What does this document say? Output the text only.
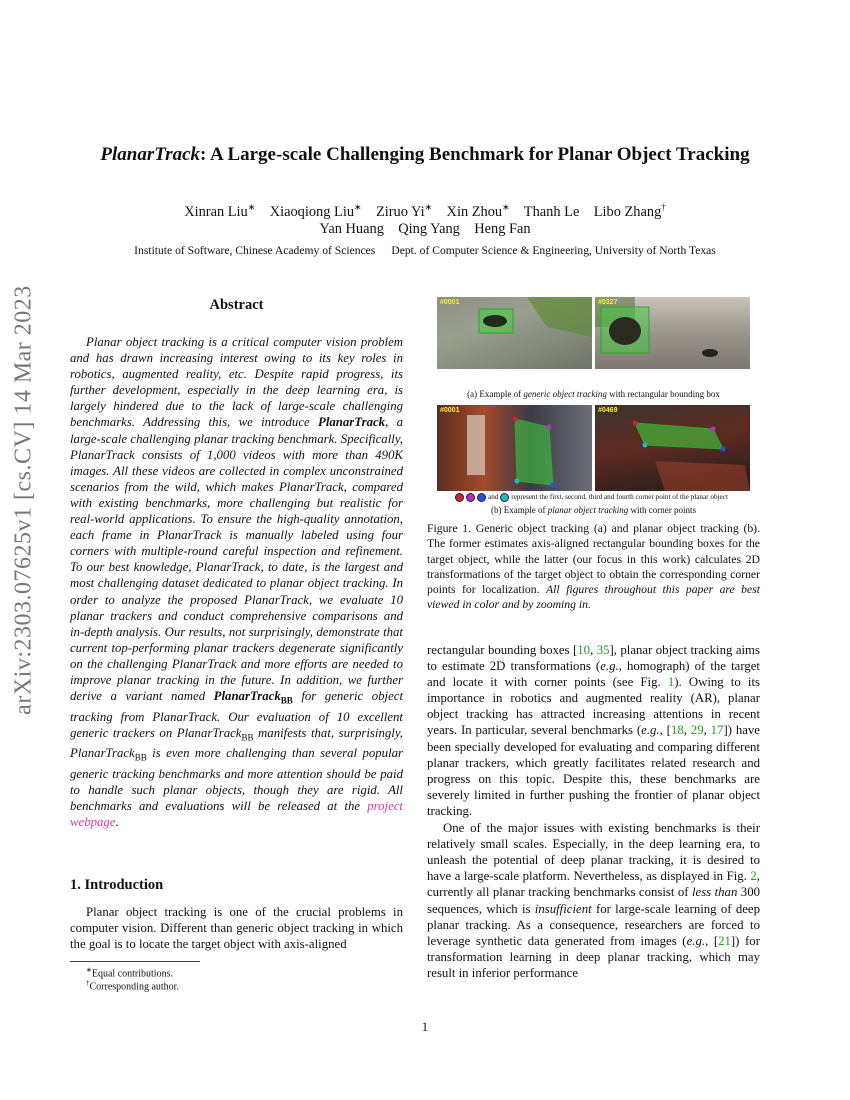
arXiv:2303.07625v1 [cs.CV] 14 Mar 2023
PlanarTrack: A Large-scale Challenging Benchmark for Planar Object Tracking
Xinran Liu∗ Xiaoqiong Liu∗ Ziruo Yi∗ Xin Zhou∗ Thanh Le Libo Zhang†
Yan Huang Qing Yang Heng Fan
Institute of Software, Chinese Academy of Sciences Dept. of Computer Science & Engineering, University of North Texas
Abstract

Planar object tracking is a critical computer vision problem and has drawn increasing interest owing to its key roles in robotics, augmented reality, etc. Despite rapid progress, its further development, especially in the deep learning era, is largely hindered due to the lack of large-scale challenging benchmarks. Addressing this, we introduce PlanarTrack, a large-scale challenging planar tracking benchmark. Specifically, PlanarTrack consists of 1,000 videos with more than 490K images. All these videos are collected in complex unconstrained scenarios from the wild, which makes PlanarTrack, compared with existing benchmarks, more challenging but realistic for real-world applications. To ensure the high-quality annotation, each frame in PlanarTrack is manually labeled using four corners with multiple-round careful inspection and refinement. To our best knowledge, PlanarTrack, to date, is the largest and most challenging dataset dedicated to planar object tracking. In order to analyze the proposed PlanarTrack, we evaluate 10 planar trackers and conduct comprehensive comparisons and in-depth analysis. Our results, not surprisingly, demonstrate that current top-performing planar trackers degenerate significantly on the challenging PlanarTrack and more efforts are needed to improve planar tracking in the future. In addition, we further derive a variant named PlanarTrack$_{BB}$ for generic object tracking from PlanarTrack. Our evaluation of 10 excellent generic trackers on PlanarTrack$_{BB}$ manifests that, surprisingly, PlanarTrack$_{BB}$ is even more challenging than several popular generic tracking benchmarks and more attention should be paid to handle such planar objects, though they are rigid. All benchmarks and evaluations will be released at the project webpage.

1. Introduction

Planar object tracking is one of the crucial problems in computer vision. Different than generic object tracking in which the goal is to locate the target object with axis-aligned

∗Equal contributions.
†Corresponding author.
#0001	#0327
(a) Example of generic object tracking with rectangular bounding box
#0001	#0469
and represent the first, second, third and fourth corner point of the planar object
(b) Example of planar object tracking with corner points

Figure 1. Generic object tracking (a) and planar object tracking (b). The former estimates axis-aligned rectangular bounding boxes for the target object, while the latter (our focus in this work) calculates 2D transformations of the target object to obtain the corresponding corner points for localization. All figures throughout this paper are best viewed in color and by zooming in.

rectangular bounding boxes [10, 35], planar object tracking aims to estimate 2D transformations (e.g., homograph) of the target and locate it with corner points (see Fig. 1). Owing to its importance in robotics and augmented reality (AR), planar object tracking has attracted increasing attentions in recent years. In particular, several benchmarks (e.g., [18, 29, 17]) have been specially developed for evaluating and comparing different planar trackers, which greatly facilitates related research and progress on this topic. Despite this, these benchmarks are severely limited in further pushing the frontier of planar object tracking.

One of the major issues with existing benchmarks is their relatively small scales. Especially, in the deep learning era, to unleash the potential of deep planar tracking, it is desired to have a large-scale platform. Nevertheless, as displayed in Fig. 2, currently all planar tracking benchmarks consist of less than 300 sequences, which is insufficient for large-scale learning of deep planar tracking. As a consequence, researchers are forced to leverage synthetic data generated from images (e.g., [21]) for transformation learning in deep planar tracking, which may result in inferior performance

1
